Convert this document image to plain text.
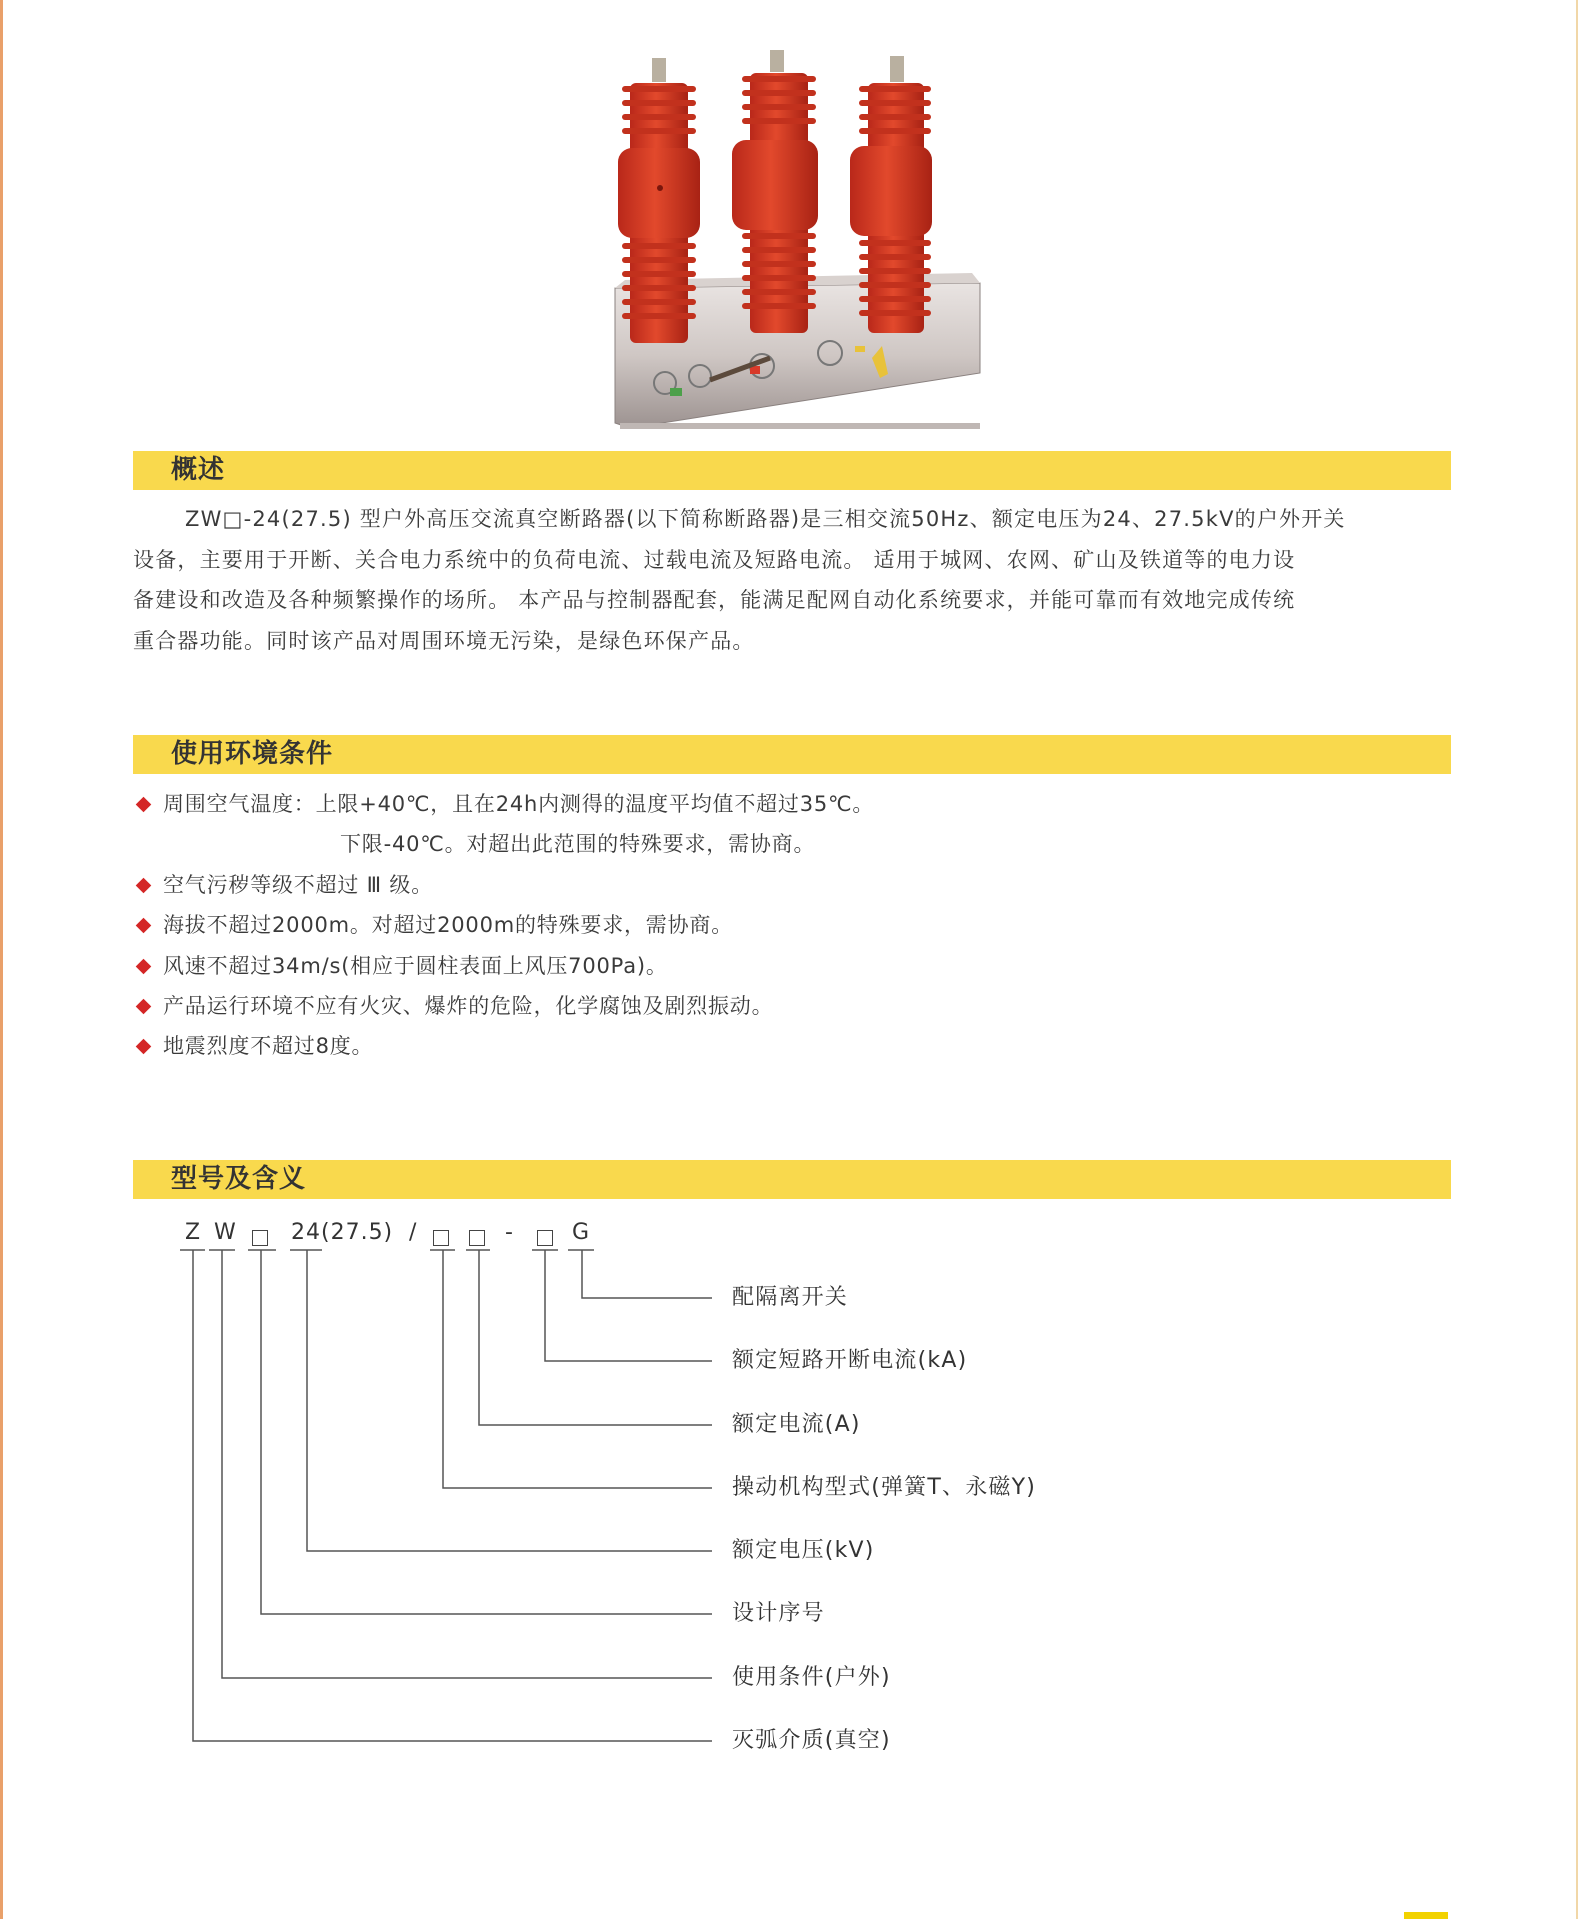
概述
ZW□-24(27.5) 型户外高压交流真空断路器(以下简称断路器)是三相交流50Hz、额定电压为24、27.5kV的户外开关
设备，主要用于开断、关合电力系统中的负荷电流、过载电流及短路电流。 适用于城网、农网、矿山及铁道等的电力设
备建设和改造及各种频繁操作的场所。 本产品与控制器配套，能满足配网自动化系统要求，并能可靠而有效地完成传统
重合器功能。同时该产品对周围环境无污染，是绿色环保产品。
使用环境条件
周围空气温度：上限+40℃，且在24h内测得的温度平均值不超过35℃。
下限-40℃。对超出此范围的特殊要求，需协商。
空气污秽等级不超过 Ⅲ 级。
海拔不超过2000m。对超过2000m的特殊要求，需协商。
风速不超过34m/s(相应于圆柱表面上风压700Pa)。
产品运行环境不应有火灾、爆炸的危险，化学腐蚀及剧烈振动。
地震烈度不超过8度。
型号及含义
Z W 24(27.5) /	-	G
配隔离开关
额定短路开断电流(kA)
额定电流(A)
操动机构型式(弹簧T、永磁Y)
额定电压(kV)
设计序号
使用条件(户外)
灭弧介质(真空)
